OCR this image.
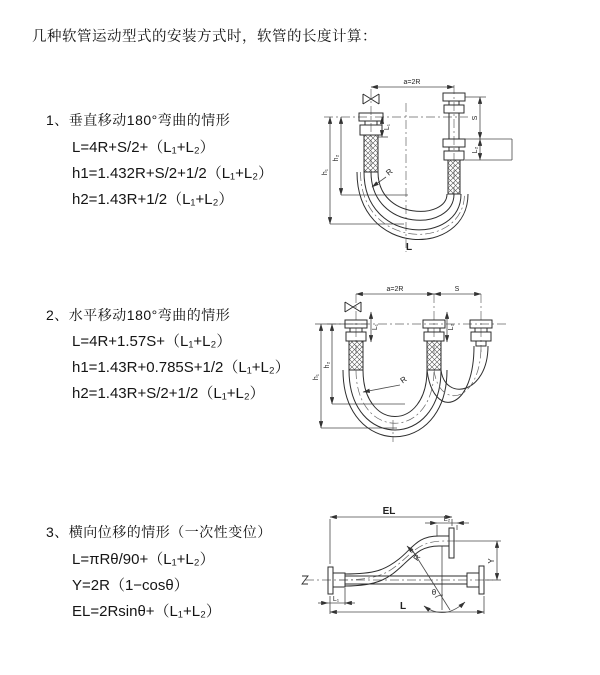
几种软管运动型式的安装方式时，软管的长度计算：
1、垂直移动180°弯曲的情形
L=4R+S/2+（L₁+L₂）
h1=1.432R+S/2+1/2（L₁+L₂）
h2=1.43R+1/2（L₁+L₂）
2、水平移动180°弯曲的情形
L=4R+1.57S+（L₁+L₂）
h1=1.43R+0.785S+1/2（L₁+L₂）
h2=1.43R+S/2+1/2（L₁+L₂）
3、横向位移的情形（一次性变位）
L=πRθ/90+（L₁+L₂）
Y=2R（1−cosθ）
EL=2Rsinθ+（L₁+L₂）
a=2R
h₁
h₂
L₁
S
L₂
R
L
a=2R	S
h₁
h₂
L₁	L₂
R
EL
L₂
Y
R
θ
L
L₁
